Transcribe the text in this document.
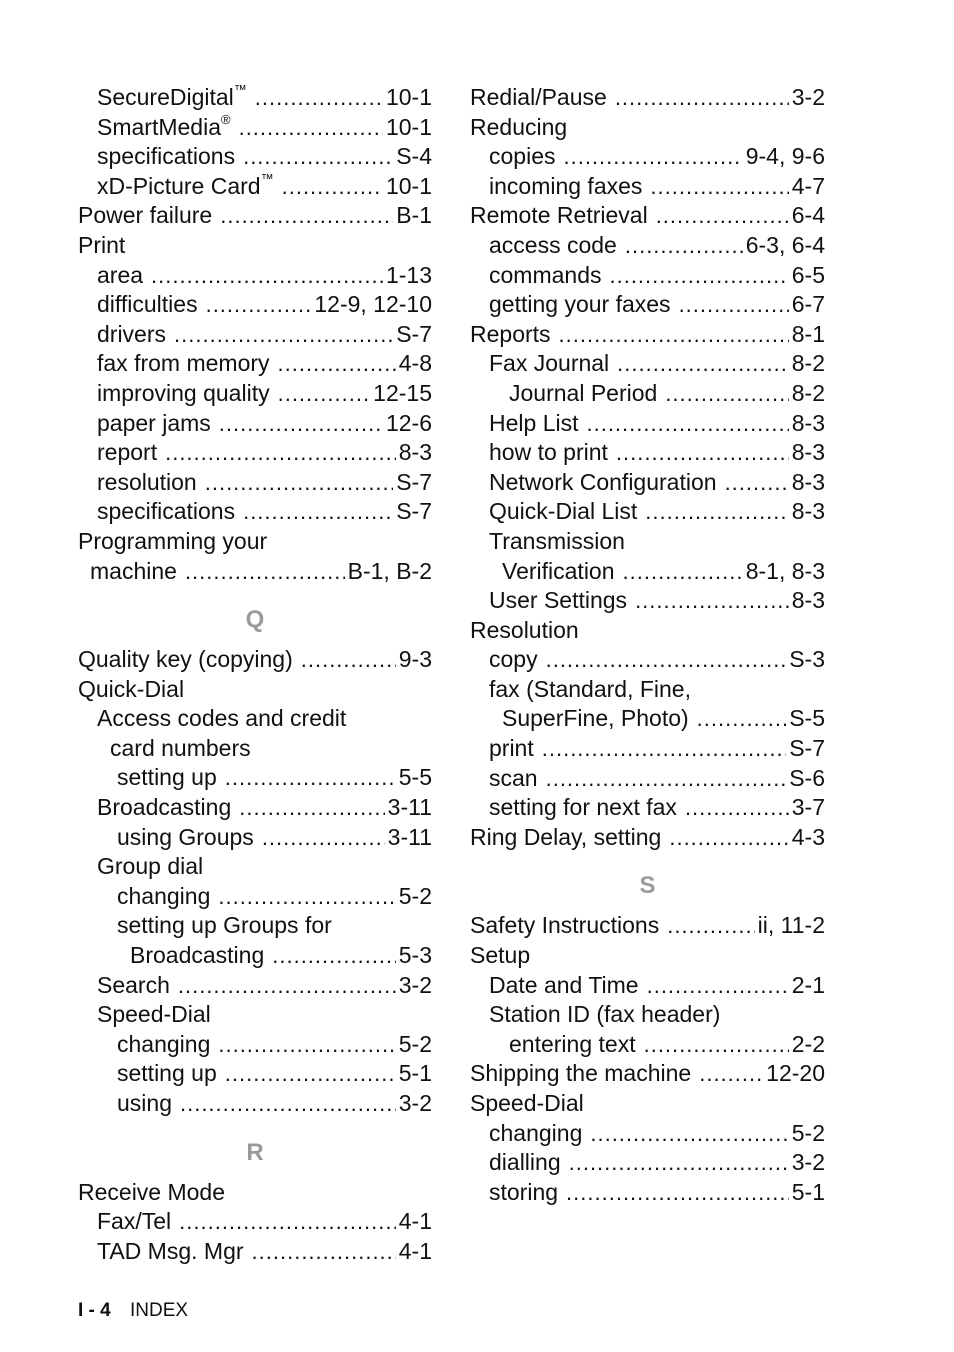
SecureDigital™ .....	10-1
SmartMedia® .....	10-1
specifications .....	S-4
xD-Picture Card™ .....	10-1
Power failure .....	B-1
Print
area .....	1-13
difficulties .....	12-9, 12-10
drivers .....	S-7
fax from memory .....	4-8
improving quality .....	12-15
paper jams .....	12-6
report .....	8-3
resolution .....	S-7
specifications .....	S-7
Programming your
machine .....	B-1, B-2
Q
Quality key (copying) .....	9-3
Quick-Dial
Access codes and credit
card numbers
setting up .....	5-5
Broadcasting .....	3-11
using Groups .....	3-11
Group dial
changing .....	5-2
setting up Groups for
Broadcasting .....	5-3
Search .....	3-2
Speed-Dial
changing .....	5-2
setting up .....	5-1
using .....	3-2
R
Receive Mode
Fax/Tel .....	4-1
TAD Msg. Mgr .....	4-1
Redial/Pause .....	3-2
Reducing
copies .....	9-4, 9-6
incoming faxes .....	4-7
Remote Retrieval .....	6-4
access code .....	6-3, 6-4
commands .....	6-5
getting your faxes .....	6-7
Reports .....	8-1
Fax Journal .....	8-2
Journal Period .....	8-2
Help List .....	8-3
how to print .....	8-3
Network Configuration .....	8-3
Quick-Dial List .....	8-3
Transmission
Verification .....	8-1, 8-3
User Settings .....	8-3
Resolution
copy .....	S-3
fax (Standard, Fine,
SuperFine, Photo) .....	S-5
print .....	S-7
scan .....	S-6
setting for next fax .....	3-7
Ring Delay, setting .....	4-3
S
Safety Instructions .....	ii, 11-2
Setup
Date and Time .....	2-1
Station ID (fax header)
entering text .....	2-2
Shipping the machine .....	12-20
Speed-Dial
changing .....	5-2
dialling .....	3-2
storing .....	5-1
I - 4 INDEX
